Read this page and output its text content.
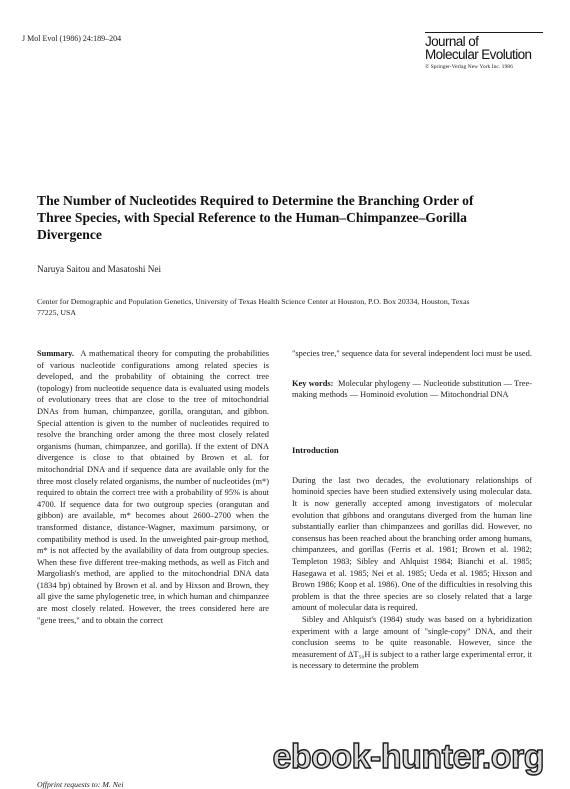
J Mol Evol (1986) 24:189–204	Journal of
Molecular Evolution
© Springer-Verlag New York Inc. 1986
The Number of Nucleotides Required to Determine the Branching Order of Three Species, with Special Reference to the Human–Chimpanzee–Gorilla Divergence
Naruya Saitou and Masatoshi Nei
Center for Demographic and Population Genetics, University of Texas Health Science Center at Houston, P.O. Box 20334, Houston, Texas 77225, USA

Summary. A mathematical theory for computing the probabilities of various nucleotide configurations among related species is developed, and the probability of obtaining the correct tree (topology) from nucleotide sequence data is evaluated using models of evolutionary trees that are close to the tree of mitochondrial DNAs from human, chimpanzee, gorilla, orangutan, and gibbon. Special attention is given to the number of nucleotides required to resolve the branching order among the three most closely related organisms (human, chimpanzee, and gorilla). If the extent of DNA divergence is close to that obtained by Brown et al. for mitochondrial DNA and if sequence data are available only for the three most closely related organisms, the number of nucleotides (m*) required to obtain the correct tree with a probability of 95% is about 4700. If sequence data for two outgroup species (orangutan and gibbon) are available, m* becomes about 2600–2700 when the transformed distance, distance-Wagner, maximum parsimony, or compatibility method is used. In the unweighted pair-group method, m* is not affected by the availability of data from outgroup species. When these five different tree-making methods, as well as Fitch and Margoliash's method, are applied to the mitochondrial DNA data (1834 bp) obtained by Brown et al. and by Hixson and Brown, they all give the same phylogenetic tree, in which human and chimpanzee are most closely related. However, the trees considered here are "gene trees," and to obtain the correct

"species tree," sequence data for several independent loci must be used.

Key words: Molecular phylogeny — Nucleotide substitution — Tree-making methods — Hominoid evolution — Mitochondrial DNA
Introduction

During the last two decades, the evolutionary relationships of hominoid species have been studied extensively using molecular data. It is now generally accepted among investigators of molecular evolution that gibbons and orangutans diverged from the human line substantially earlier than chimpanzees and gorillas did. However, no consensus has been reached about the branching order among humans, chimpanzees, and gorillas (Ferris et al. 1981; Brown et al. 1982; Templeton 1983; Sibley and Ahlquist 1984; Bianchi et al. 1985; Hasegawa et al. 1985; Nei et al. 1985; Ueda et al. 1985; Hixson and Brown 1986; Koop et al. 1986). One of the difficulties in resolving this problem is that the three species are so closely related that a large amount of molecular data is required.

Sibley and Ahlquist's (1984) study was based on a hybridization experiment with a large amount of "single-copy" DNA, and their conclusion seems to be quite reasonable. However, since the measurement of ΔT₅₀H is subject to a rather large experimental error, it is necessary to determine the problem

Offprint requests to: M. Nei
ebook-hunter.org
